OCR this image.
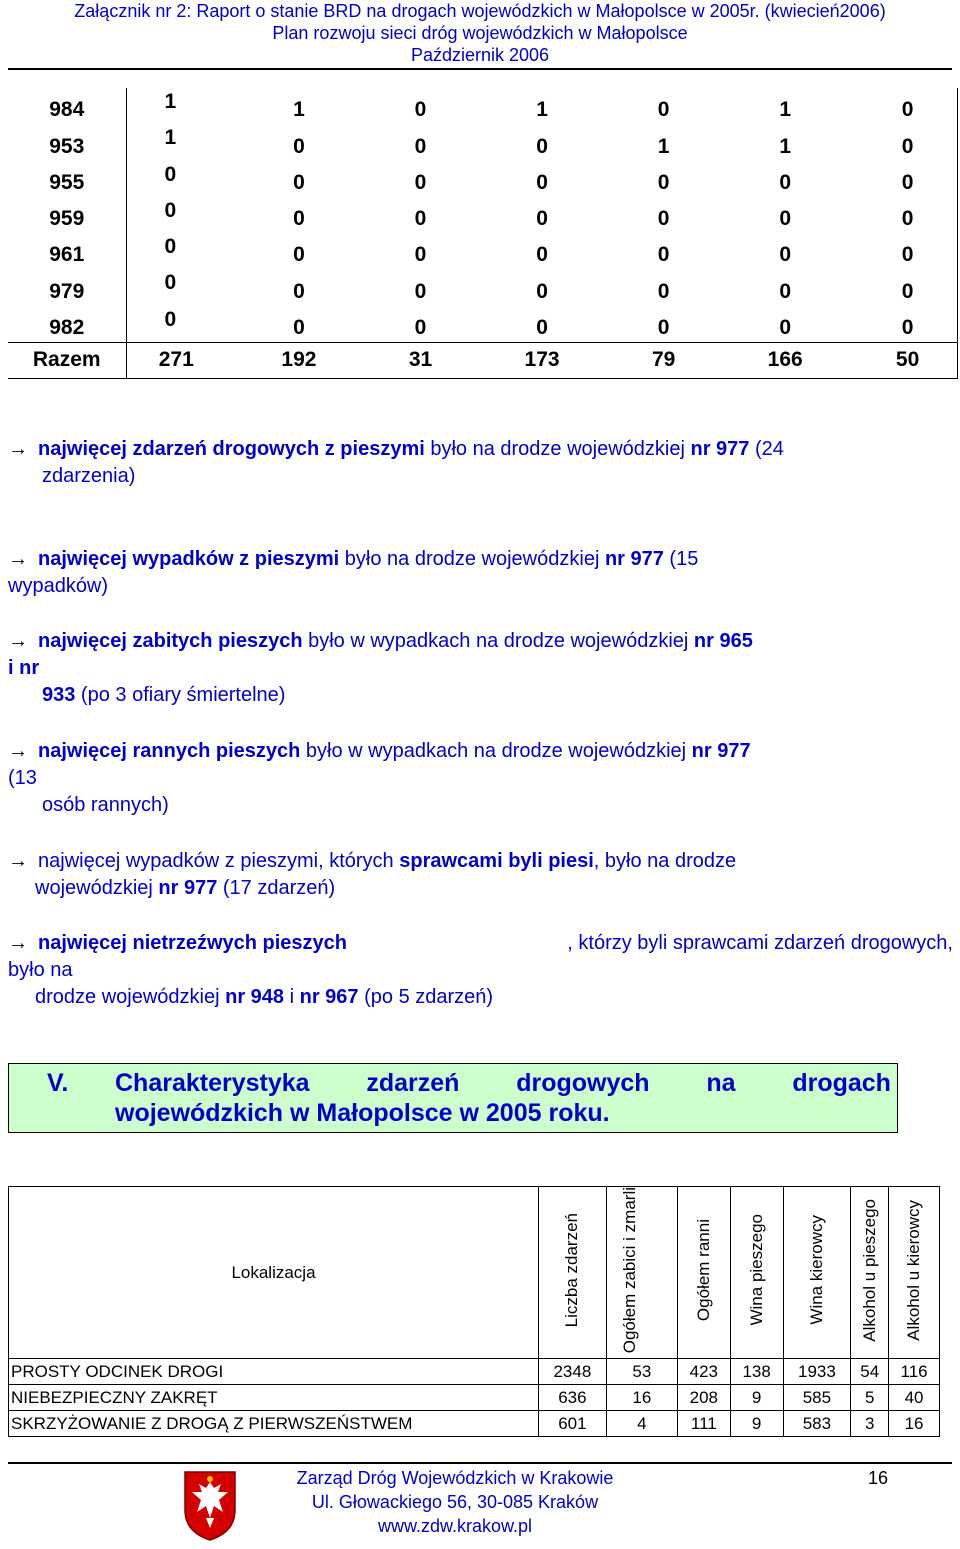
Załącznik nr 2: Raport o stanie BRD na drogach wojewódzkich w Małopolsce w 2005r. (kwiecień2006)
Plan rozwoju sieci dróg wojewódzkich w Małopolsce
Październik 2006
984	1	1	0	1	0	1	0
953	1	0	0	0	1	1	0
955	0	0	0	0	0	0	0
959	0	0	0	0	0	0	0
961	0	0	0	0	0	0	0
979	0	0	0	0	0	0	0
982	0	0	0	0	0	0	0
Razem	271	192	31	173	79	166	50
→ najwięcej zdarzeń drogowych z pieszymi było na drodze wojewódzkiej nr 977 (24
zdarzenia)
→ najwięcej wypadków z pieszymi było na drodze wojewódzkiej nr 977 (15
wypadków)
→ najwięcej zabitych pieszych było w wypadkach na drodze wojewódzkiej nr 965
i nr
933 (po 3 ofiary śmiertelne)
→ najwięcej rannych pieszych było w wypadkach na drodze wojewódzkiej nr 977
(13
osób rannych)
→ najwięcej wypadków z pieszymi, których sprawcami byli piesi, było na drodze
wojewódzkiej nr 977 (17 zdarzeń)
→ najwięcej nietrzeźwych pieszych	, którzy byli sprawcami zdarzeń drogowych,
było na
drodze wojewódzkiej nr 948 i nr 967 (po 5 zdarzeń)
V. Charakterystyka zdarzeń drogowych na drogach
wojewódzkich w Małopolsce w 2005 roku.
Lokalizacja	Liczba zdarzeń	Ogółem zabici i zmarli	Ogółem ranni	Wina pieszego	Wina kierowcy	Alkohol u pieszego	Alkohol u kierowcy
PROSTY ODCINEK DROGI	2348	53	423	138	1933	54	116
NIEBEZPIECZNY ZAKRĘT	636	16	208	9	585	5	40
SKRZYŻOWANIE Z DROGĄ Z PIERWSZEŃSTWEM	601	4	111	9	583	3	16
Zarząd Dróg Wojewódzkich w Krakowie
Ul. Głowackiego 56, 30-085 Kraków
www.zdw.krakow.pl
16
